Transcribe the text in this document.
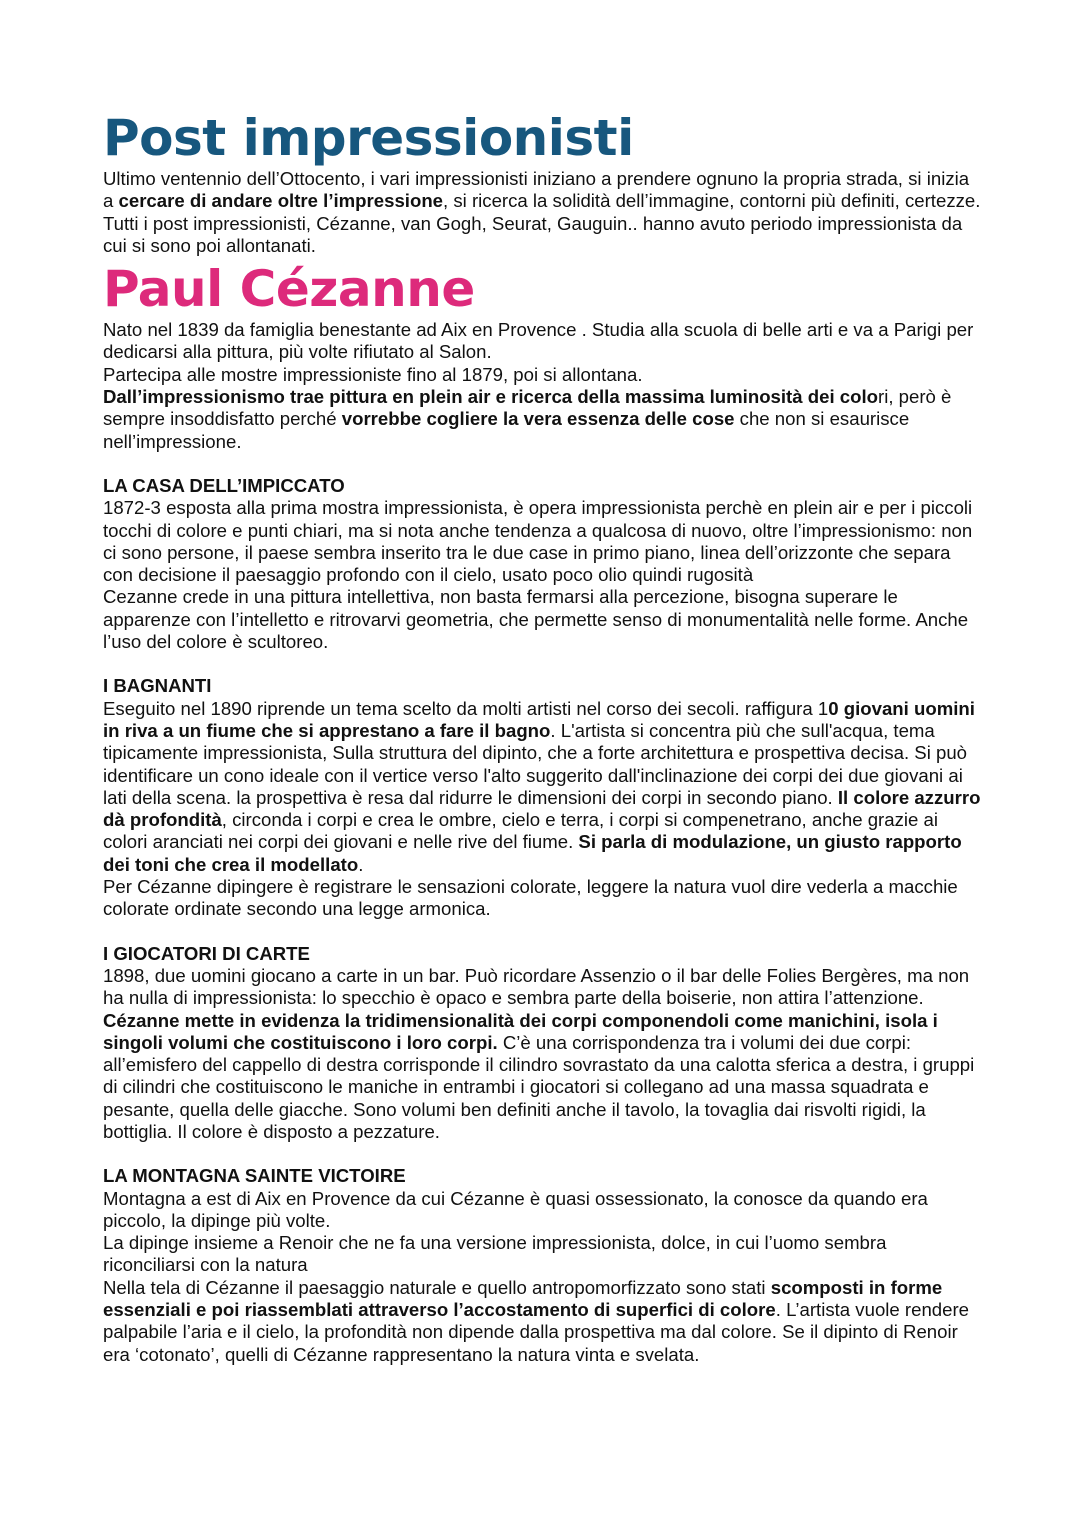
Post impressionisti

Ultimo ventennio dell’Ottocento, i vari impressionisti iniziano a prendere ognuno la propria strada, si inizia a cercare di andare oltre l’impressione, si ricerca la solidità dell’immagine, contorni più definiti, certezze. Tutti i post impressionisti, Cézanne, van Gogh, Seurat, Gauguin.. hanno avuto periodo impressionista da cui si sono poi allontanati.

Paul Cézanne

Nato nel 1839 da famiglia benestante ad Aix en Provence . Studia alla scuola di belle arti e va a Parigi per dedicarsi alla pittura, più volte rifiutato al Salon.

Partecipa alle mostre impressioniste fino al 1879, poi si allontana.

Dall’impressionismo trae pittura en plein air e ricerca della massima luminosità dei colori, però è sempre insoddisfatto perché vorrebbe cogliere la vera essenza delle cose che non si esaurisce nell’impressione.

LA CASA DELL’IMPICCATO

1872-3 esposta alla prima mostra impressionista, è opera impressionista perchè en plein air e per i piccoli tocchi di colore e punti chiari, ma si nota anche tendenza a qualcosa di nuovo, oltre l’impressionismo: non ci sono persone, il paese sembra inserito tra le due case in primo piano, linea dell’orizzonte che separa con decisione il paesaggio profondo con il cielo, usato poco olio quindi rugosità

Cezanne crede in una pittura intellettiva, non basta fermarsi alla percezione, bisogna superare le apparenze con l’intelletto e ritrovarvi geometria, che permette senso di monumentalità nelle forme. Anche l’uso del colore è scultoreo.

I BAGNANTI

Eseguito nel 1890 riprende un tema scelto da molti artisti nel corso dei secoli. raffigura 10 giovani uomini in riva a un fiume che si apprestano a fare il bagno. L'artista si concentra più che sull'acqua, tema tipicamente impressionista, Sulla struttura del dipinto, che a forte architettura e prospettiva decisa. Si può identificare un cono ideale con il vertice verso l'alto suggerito dall'inclinazione dei corpi dei due giovani ai lati della scena. la prospettiva è resa dal ridurre le dimensioni dei corpi in secondo piano. Il colore azzurro dà profondità, circonda i corpi e crea le ombre, cielo e terra, i corpi si compenetrano, anche grazie ai colori aranciati nei corpi dei giovani e nelle rive del fiume. Si parla di modulazione, un giusto rapporto dei toni che crea il modellato.

Per Cézanne dipingere è registrare le sensazioni colorate, leggere la natura vuol dire vederla a macchie colorate ordinate secondo una legge armonica.

I GIOCATORI DI CARTE

1898, due uomini giocano a carte in un bar. Può ricordare Assenzio o il bar delle Folies Bergères, ma non ha nulla di impressionista: lo specchio è opaco e sembra parte della boiserie, non attira l’attenzione. Cézanne mette in evidenza la tridimensionalità dei corpi componendoli come manichini, isola i singoli volumi che costituiscono i loro corpi. C’è una corrispondenza tra i volumi dei due corpi: all’emisfero del cappello di destra corrisponde il cilindro sovrastato da una calotta sferica a destra, i gruppi di cilindri che costituiscono le maniche in entrambi i giocatori si collegano ad una massa squadrata e pesante, quella delle giacche. Sono volumi ben definiti anche il tavolo, la tovaglia dai risvolti rigidi, la bottiglia. Il colore è disposto a pezzature.

LA MONTAGNA SAINTE VICTOIRE

Montagna a est di Aix en Provence da cui Cézanne è quasi ossessionato, la conosce da quando era piccolo, la dipinge più volte.

La dipinge insieme a Renoir che ne fa una versione impressionista, dolce, in cui l’uomo sembra riconciliarsi con la natura

Nella tela di Cézanne il paesaggio naturale e quello antropomorfizzato sono stati scomposti in forme essenziali e poi riassemblati attraverso l’accostamento di superfici di colore. L’artista vuole rendere palpabile l’aria e il cielo, la profondità non dipende dalla prospettiva ma dal colore. Se il dipinto di Renoir era ‘cotonato’, quelli di Cézanne rappresentano la natura vinta e svelata.
